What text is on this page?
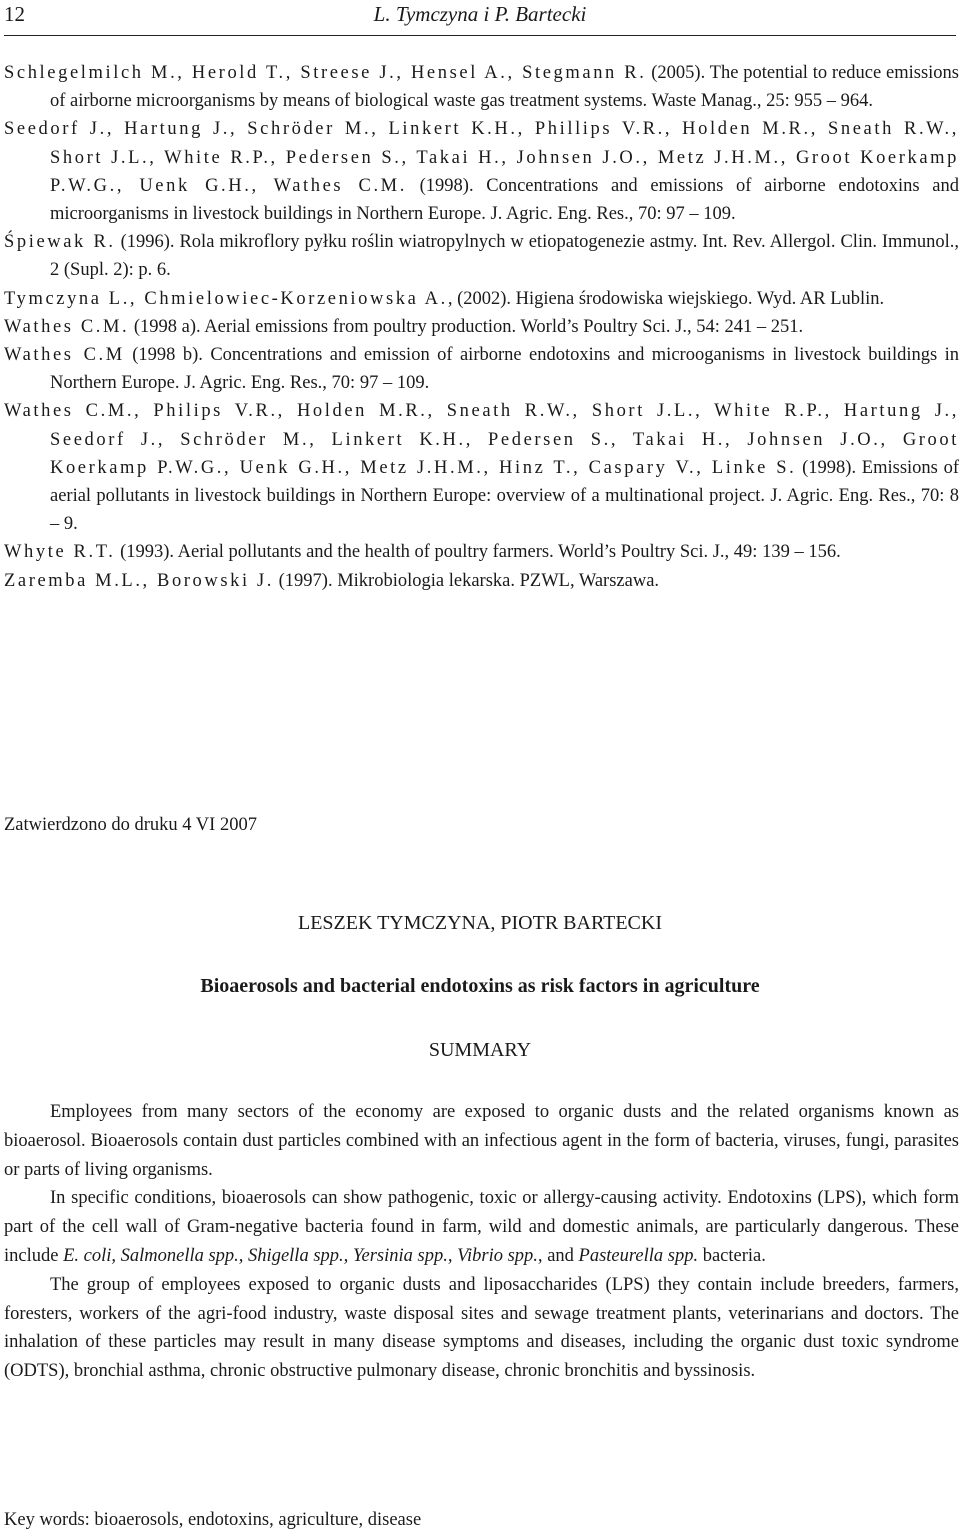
12	L. Tymczyna i P. Bartecki
Schlegelmilch M., Herold T., Streese J., Hensel A., Stegmann R. (2005). The potential to reduce emissions of airborne microorganisms by means of biological waste gas treatment systems. Waste Manag., 25: 955 – 964.
Seedorf J., Hartung J., Schröder M., Linkert K.H., Phillips V.R., Holden M.R., Sneath R.W., Short J.L., White R.P., Pedersen S., Takai H., Johnsen J.O., Metz J.H.M., Groot Koerkamp P.W.G., Uenk G.H., Wathes C.M. (1998). Concentrations and emissions of airborne endotoxins and microorganisms in livestock buildings in Northern Europe. J. Agric. Eng. Res., 70: 97 – 109.
Śpiewak R. (1996). Rola mikroflory pyłku roślin wiatropylnych w etiopatogenezie astmy. Int. Rev. Allergol. Clin. Immunol., 2 (Supl. 2): p. 6.
Tymczyna L., Chmielowiec-Korzeniowska A., (2002). Higiena środowiska wiejskiego. Wyd. AR Lublin.
Wathes C.M. (1998 a). Aerial emissions from poultry production. World’s Poultry Sci. J., 54: 241 – 251.
Wathes C.M (1998 b). Concentrations and emission of airborne endotoxins and microoganisms in livestock buildings in Northern Europe. J. Agric. Eng. Res., 70: 97 – 109.
Wathes C.M., Philips V.R., Holden M.R., Sneath R.W., Short J.L., White R.P., Hartung J., Seedorf J., Schröder M., Linkert K.H., Pedersen S., Takai H., Johnsen J.O., Groot Koerkamp P.W.G., Uenk G.H., Metz J.H.M., Hinz T., Caspary V., Linke S. (1998). Emissions of aerial pollutants in livestock buildings in Northern Europe: overview of a multinational project. J. Agric. Eng. Res., 70: 8 – 9.
Whyte R.T. (1993). Aerial pollutants and the health of poultry farmers. World’s Poultry Sci. J., 49: 139 – 156.
Zaremba M.L., Borowski J. (1997). Mikrobiologia lekarska. PZWL, Warszawa.
Zatwierdzono do druku 4 VI 2007
LESZEK TYMCZYNA, PIOTR BARTECKI
Bioaerosols and bacterial endotoxins as risk factors in agriculture
SUMMARY

Employees from many sectors of the economy are exposed to organic dusts and the related organisms known as bioaerosol. Bioaerosols contain dust particles combined with an infectious agent in the form of bacteria, viruses, fungi, parasites or parts of living organisms.

In specific conditions, bioaerosols can show pathogenic, toxic or allergy-causing activity. Endotoxins (LPS), which form part of the cell wall of Gram-negative bacteria found in farm, wild and domestic animals, are particularly dangerous. These include E. coli, Salmonella spp., Shigella spp., Yersinia spp., Vibrio spp., and Pasteurella spp. bacteria.

The group of employees exposed to organic dusts and liposaccharides (LPS) they contain include breeders, farmers, foresters, workers of the agri-food industry, waste disposal sites and sewage treatment plants, veterinarians and doctors. The inhalation of these particles may result in many disease symptoms and diseases, including the organic dust toxic syndrome (ODTS), bronchial asthma, chronic obstructive pulmonary disease, chronic bronchitis and byssinosis.

Key words: bioaerosols, endotoxins, agriculture, disease
